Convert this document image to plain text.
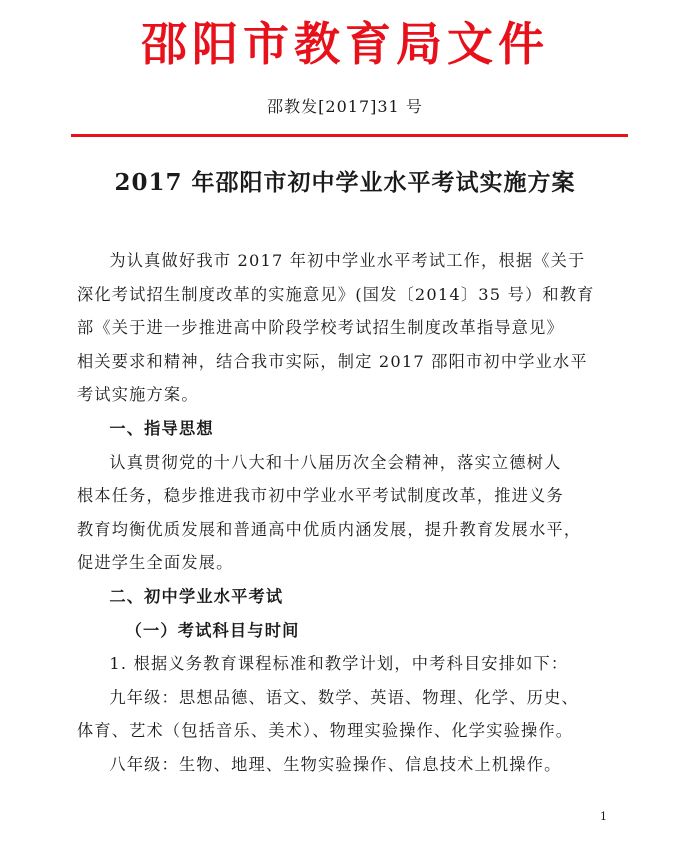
邵阳市教育局文件
邵教发[2017]31 号
2017 年邵阳市初中学业水平考试实施方案

为认真做好我市 2017 年初中学业水平考试工作，根据《关于
深化考试招生制度改革的实施意见》(国发〔2014〕35 号）和教育
部《关于进一步推进高中阶段学校考试招生制度改革指导意见》
相关要求和精神，结合我市实际，制定 2017 邵阳市初中学业水平
考试实施方案。

一、指导思想

认真贯彻党的十八大和十八届历次全会精神，落实立德树人
根本任务，稳步推进我市初中学业水平考试制度改革，推进义务
教育均衡优质发展和普通高中优质内涵发展，提升教育发展水平，
促进学生全面发展。

二、初中学业水平考试

（一）考试科目与时间

1. 根据义务教育课程标准和教学计划，中考科目安排如下：

九年级：思想品德、语文、数学、英语、物理、化学、历史、
体育、艺术（包括音乐、美术）、物理实验操作、化学实验操作。

八年级：生物、地理、生物实验操作、信息技术上机操作。

1
